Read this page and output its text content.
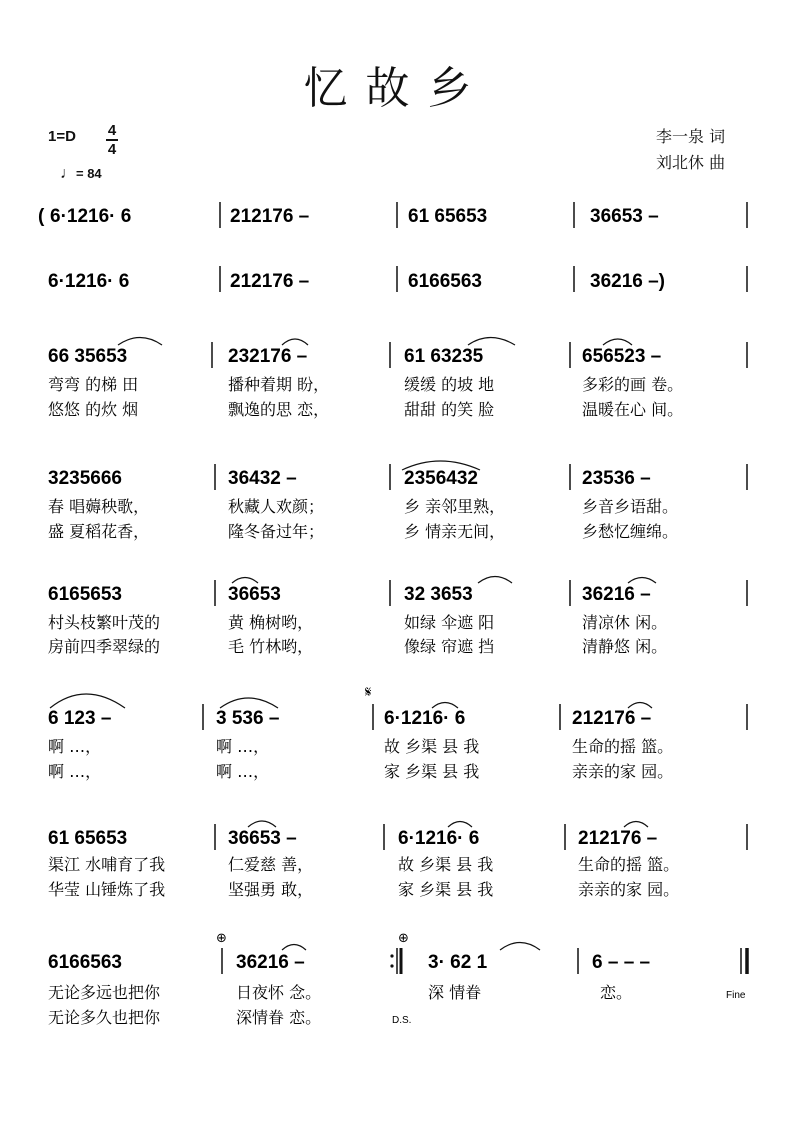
忆故乡
1=D 4
4
♩= 84
李一泉 词
刘北休 曲
( 6·1216· 6	212176 –	61 65653	36653 –
6·1216· 6	212176 –	6166563	36216 –)
66 35653	232176 –	61 63235	656523 –
弯弯 的梯 田	播种着期 盼，	缓缓 的坡 地	多彩的画 卷。
悠悠 的炊 烟	飘逸的思 恋，	甜甜 的笑 脸	温暖在心 间。
3235666	36432 –	2356432	23536 –
春 唱薅秧歌，	秋藏人欢颜；	乡 亲邻里熟，	乡音乡语甜。
盛 夏稻花香，	隆冬备过年；	乡 情亲无间，	乡愁忆缠绵。
6165653	36653	32 3653	36216 –
村头枝繁叶茂的	黄 桷树哟，	如绿 伞遮 阳	清凉休 闲。
房前四季翠绿的	毛 竹林哟，	像绿 帘遮 挡	清静悠 闲。
𝄋
6 123 –	3 536 –	6·1216· 6	212176 –
啊 …，	啊 …，	故 乡渠 县 我	生命的摇 篮。
啊 …，	啊 …，	家 乡渠 县 我	亲亲的家 园。
61 65653	36653 –	6·1216· 6	212176 –
渠江 水哺育了我	仁爱慈 善，	故 乡渠 县 我	生命的摇 篮。
华莹 山锤炼了我	坚强勇 敢，	家 乡渠 县 我	亲亲的家 园。
⊕	⊕
6166563	36216 –	3· 62 1	6 – – –
无论多远也把你	日夜怀 念。	深 情眷	恋。
无论多久也把你	深情眷 恋。
Fine
D.S.
